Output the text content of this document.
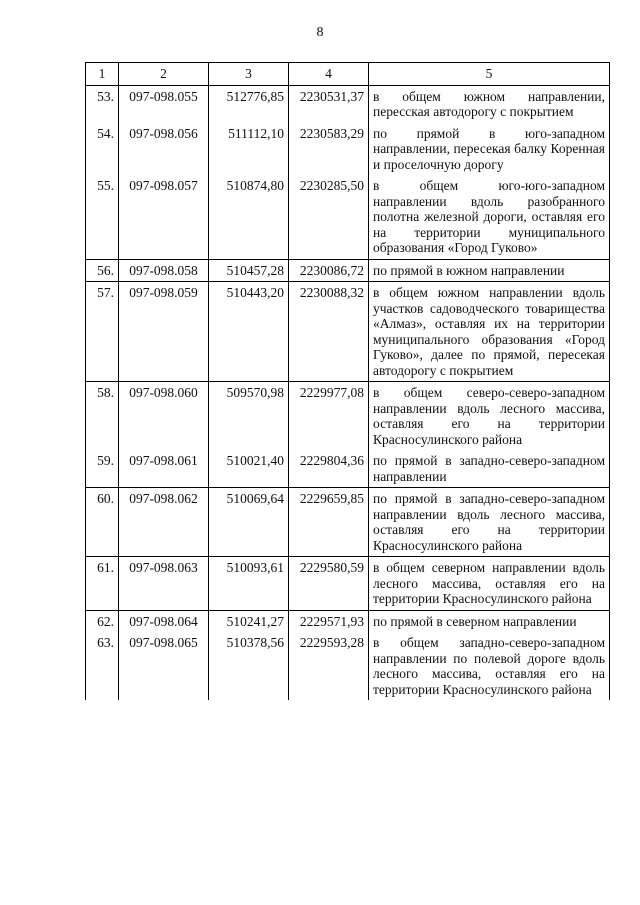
8
1	2	3	4	5
53.	097-098.055	512776,85	2230531,37	в общем южном направлении, пересская автодорогу с покрытием
54.	097-098.056	511112,10	2230583,29	по прямой в юго-западном направлении, пересекая балку Коренная и проселочную дорогу
55.	097-098.057	510874,80	2230285,50	в общем юго-юго-западном направлении вдоль разобранного полотна железной дороги, оставляя его на территории муниципального образования «Город Гуково»
56.	097-098.058	510457,28	2230086,72	по прямой в южном направлении
57.	097-098.059	510443,20	2230088,32	в общем южном направлении вдоль участков садоводческого товарищества «Алмаз», оставляя их на территории муниципального образования «Город Гуково», далее по прямой, пересекая автодорогу с покрытием
58.	097-098.060	509570,98	2229977,08	в общем северо-северо-западном направлении вдоль лесного массива, оставляя его на территории Красносулинского района
59.	097-098.061	510021,40	2229804,36	по прямой в западно-северо-западном направлении
60.	097-098.062	510069,64	2229659,85	по прямой в западно-северо-западном направлении вдоль лесного массива, оставляя его на территории Красносулинского района
61.	097-098.063	510093,61	2229580,59	в общем северном направлении вдоль лесного массива, оставляя его на территории Красносулинского района
62.	097-098.064	510241,27	2229571,93	по прямой в северном направлении
63.	097-098.065	510378,56	2229593,28	в общем западно-северо-западном направлении по полевой дороге вдоль лесного массива, оставляя его на территории Красносулинского района
